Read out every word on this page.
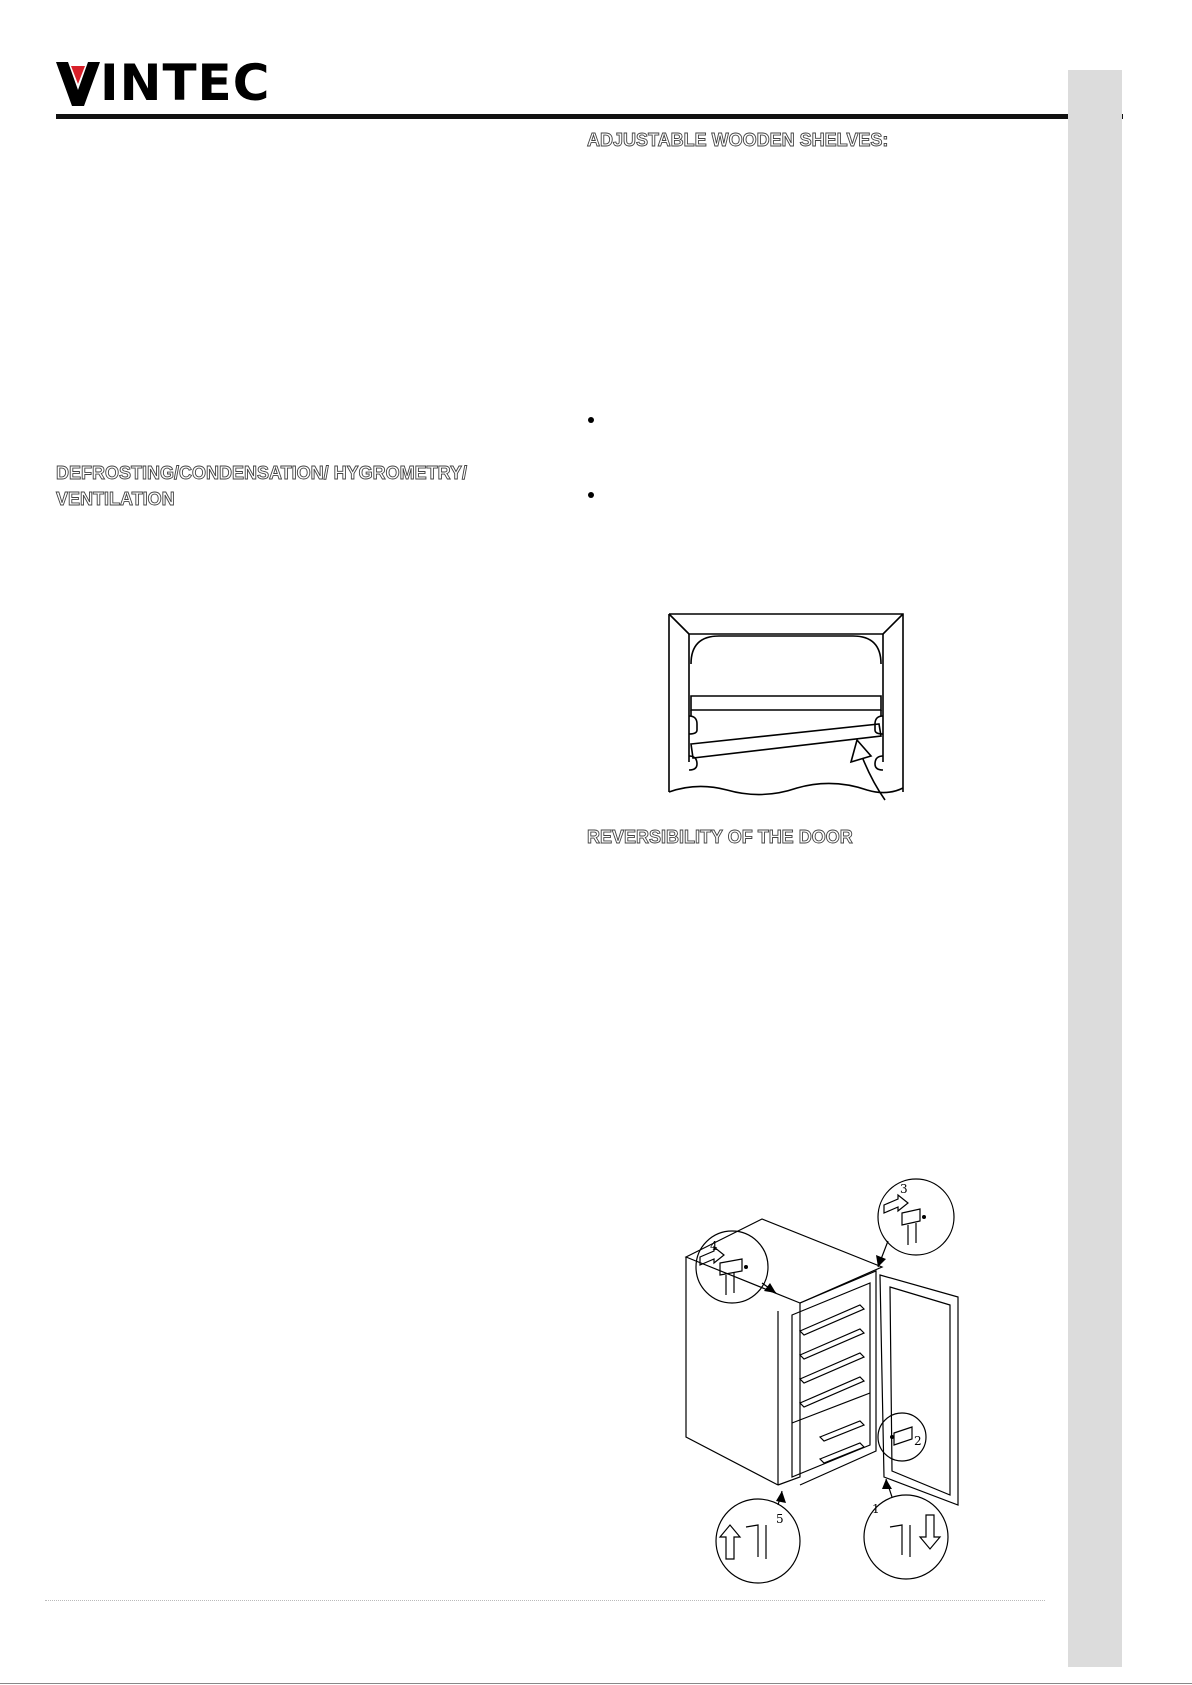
INTEC
ADJUSTABLE WOODEN SHELVES:
DEFROSTING/CONDENSATION/ HYGROMETRY/
VENTILATION
REVERSIBILITY OF THE DOOR
4
3
2
1
5
